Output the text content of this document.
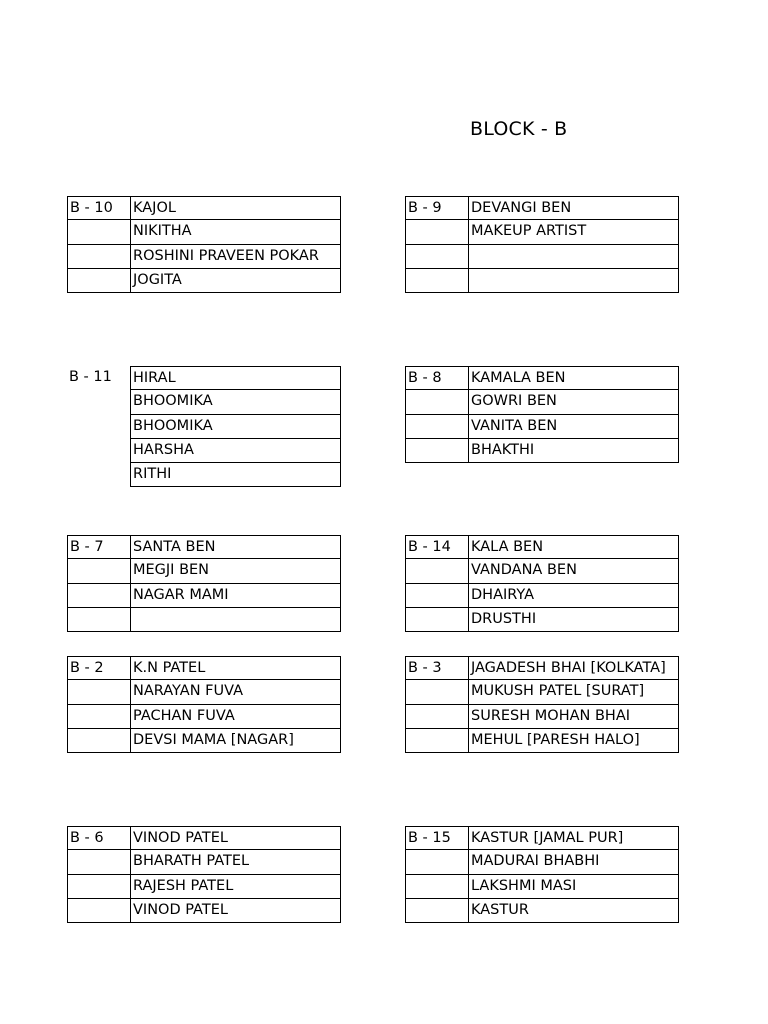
BLOCK - B
B - 10	KAJOL
NIKITHA
ROSHINI PRAVEEN POKAR
JOGITA
B - 9	DEVANGI BEN
MAKEUP ARTIST
B - 11	HIRAL
BHOOMIKA
BHOOMIKA
HARSHA
RITHI
B - 8	KAMALA BEN
GOWRI BEN
VANITA BEN
BHAKTHI
B - 7	SANTA BEN
MEGJI BEN
NAGAR MAMI
B - 14	KALA BEN
VANDANA BEN
DHAIRYA
DRUSTHI
B - 2	K.N PATEL
NARAYAN FUVA
PACHAN FUVA
DEVSI MAMA [NAGAR]
B - 3	JAGADESH BHAI [KOLKATA]
MUKUSH PATEL [SURAT]
SURESH MOHAN BHAI
MEHUL [PARESH HALO]
B - 6	VINOD PATEL
BHARATH PATEL
RAJESH PATEL
VINOD PATEL
B - 15	KASTUR [JAMAL PUR]
MADURAI BHABHI
LAKSHMI MASI
KASTUR
